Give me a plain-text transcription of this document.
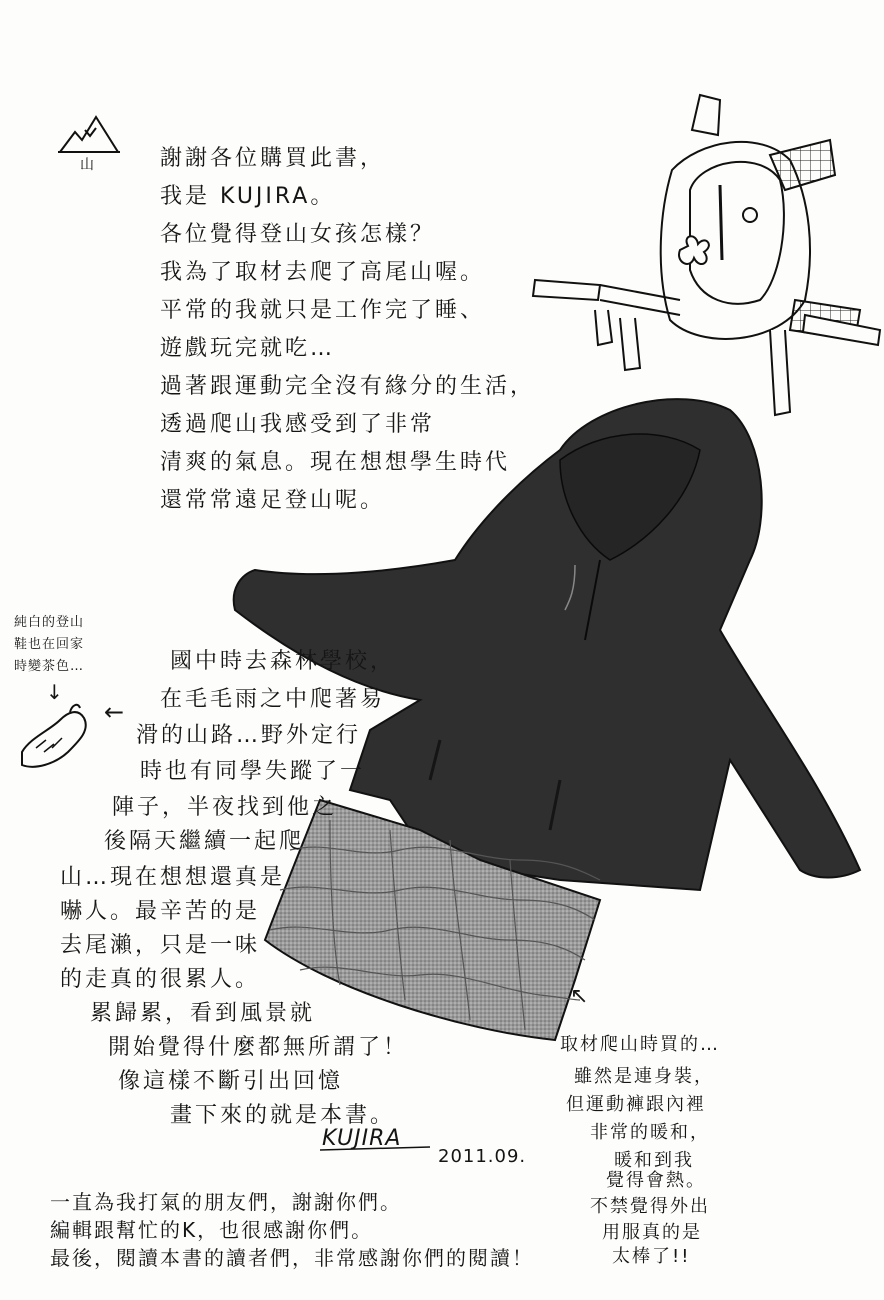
山	謝謝各位購買此書，
我是 KUJIRA。
各位覺得登山女孩怎樣？
我為了取材去爬了高尾山喔。
平常的我就只是工作完了睡、
遊戲玩完就吃…
過著跟運動完全沒有緣分的生活，
透過爬山我感受到了非常
清爽的氣息。現在想想學生時代
還常常遠足登山呢。
純白的登山
鞋也在回家
時變茶色…
↓
←
國中時去森林學校，
在毛毛雨之中爬著易
滑的山路…野外定行
時也有同學失蹤了一
陣子，半夜找到他之
後隔天繼續一起爬
山…現在想想還真是
嚇人。最辛苦的是
去尾瀨，只是一味
的走真的很累人。
累歸累，看到風景就
開始覺得什麼都無所謂了！
像這樣不斷引出回憶
畫下來的就是本書。
↖
取材爬山時買的…
雖然是連身裝，
但運動褲跟內裡
非常的暖和，
暖和到我
覺得會熱。
不禁覺得外出
用服真的是
太棒了!!
KUJIRA
2011.09.
一直為我打氣的朋友們，謝謝你們。
編輯跟幫忙的K，也很感謝你們。
最後，閱讀本書的讀者們，非常感謝你們的閱讀！
